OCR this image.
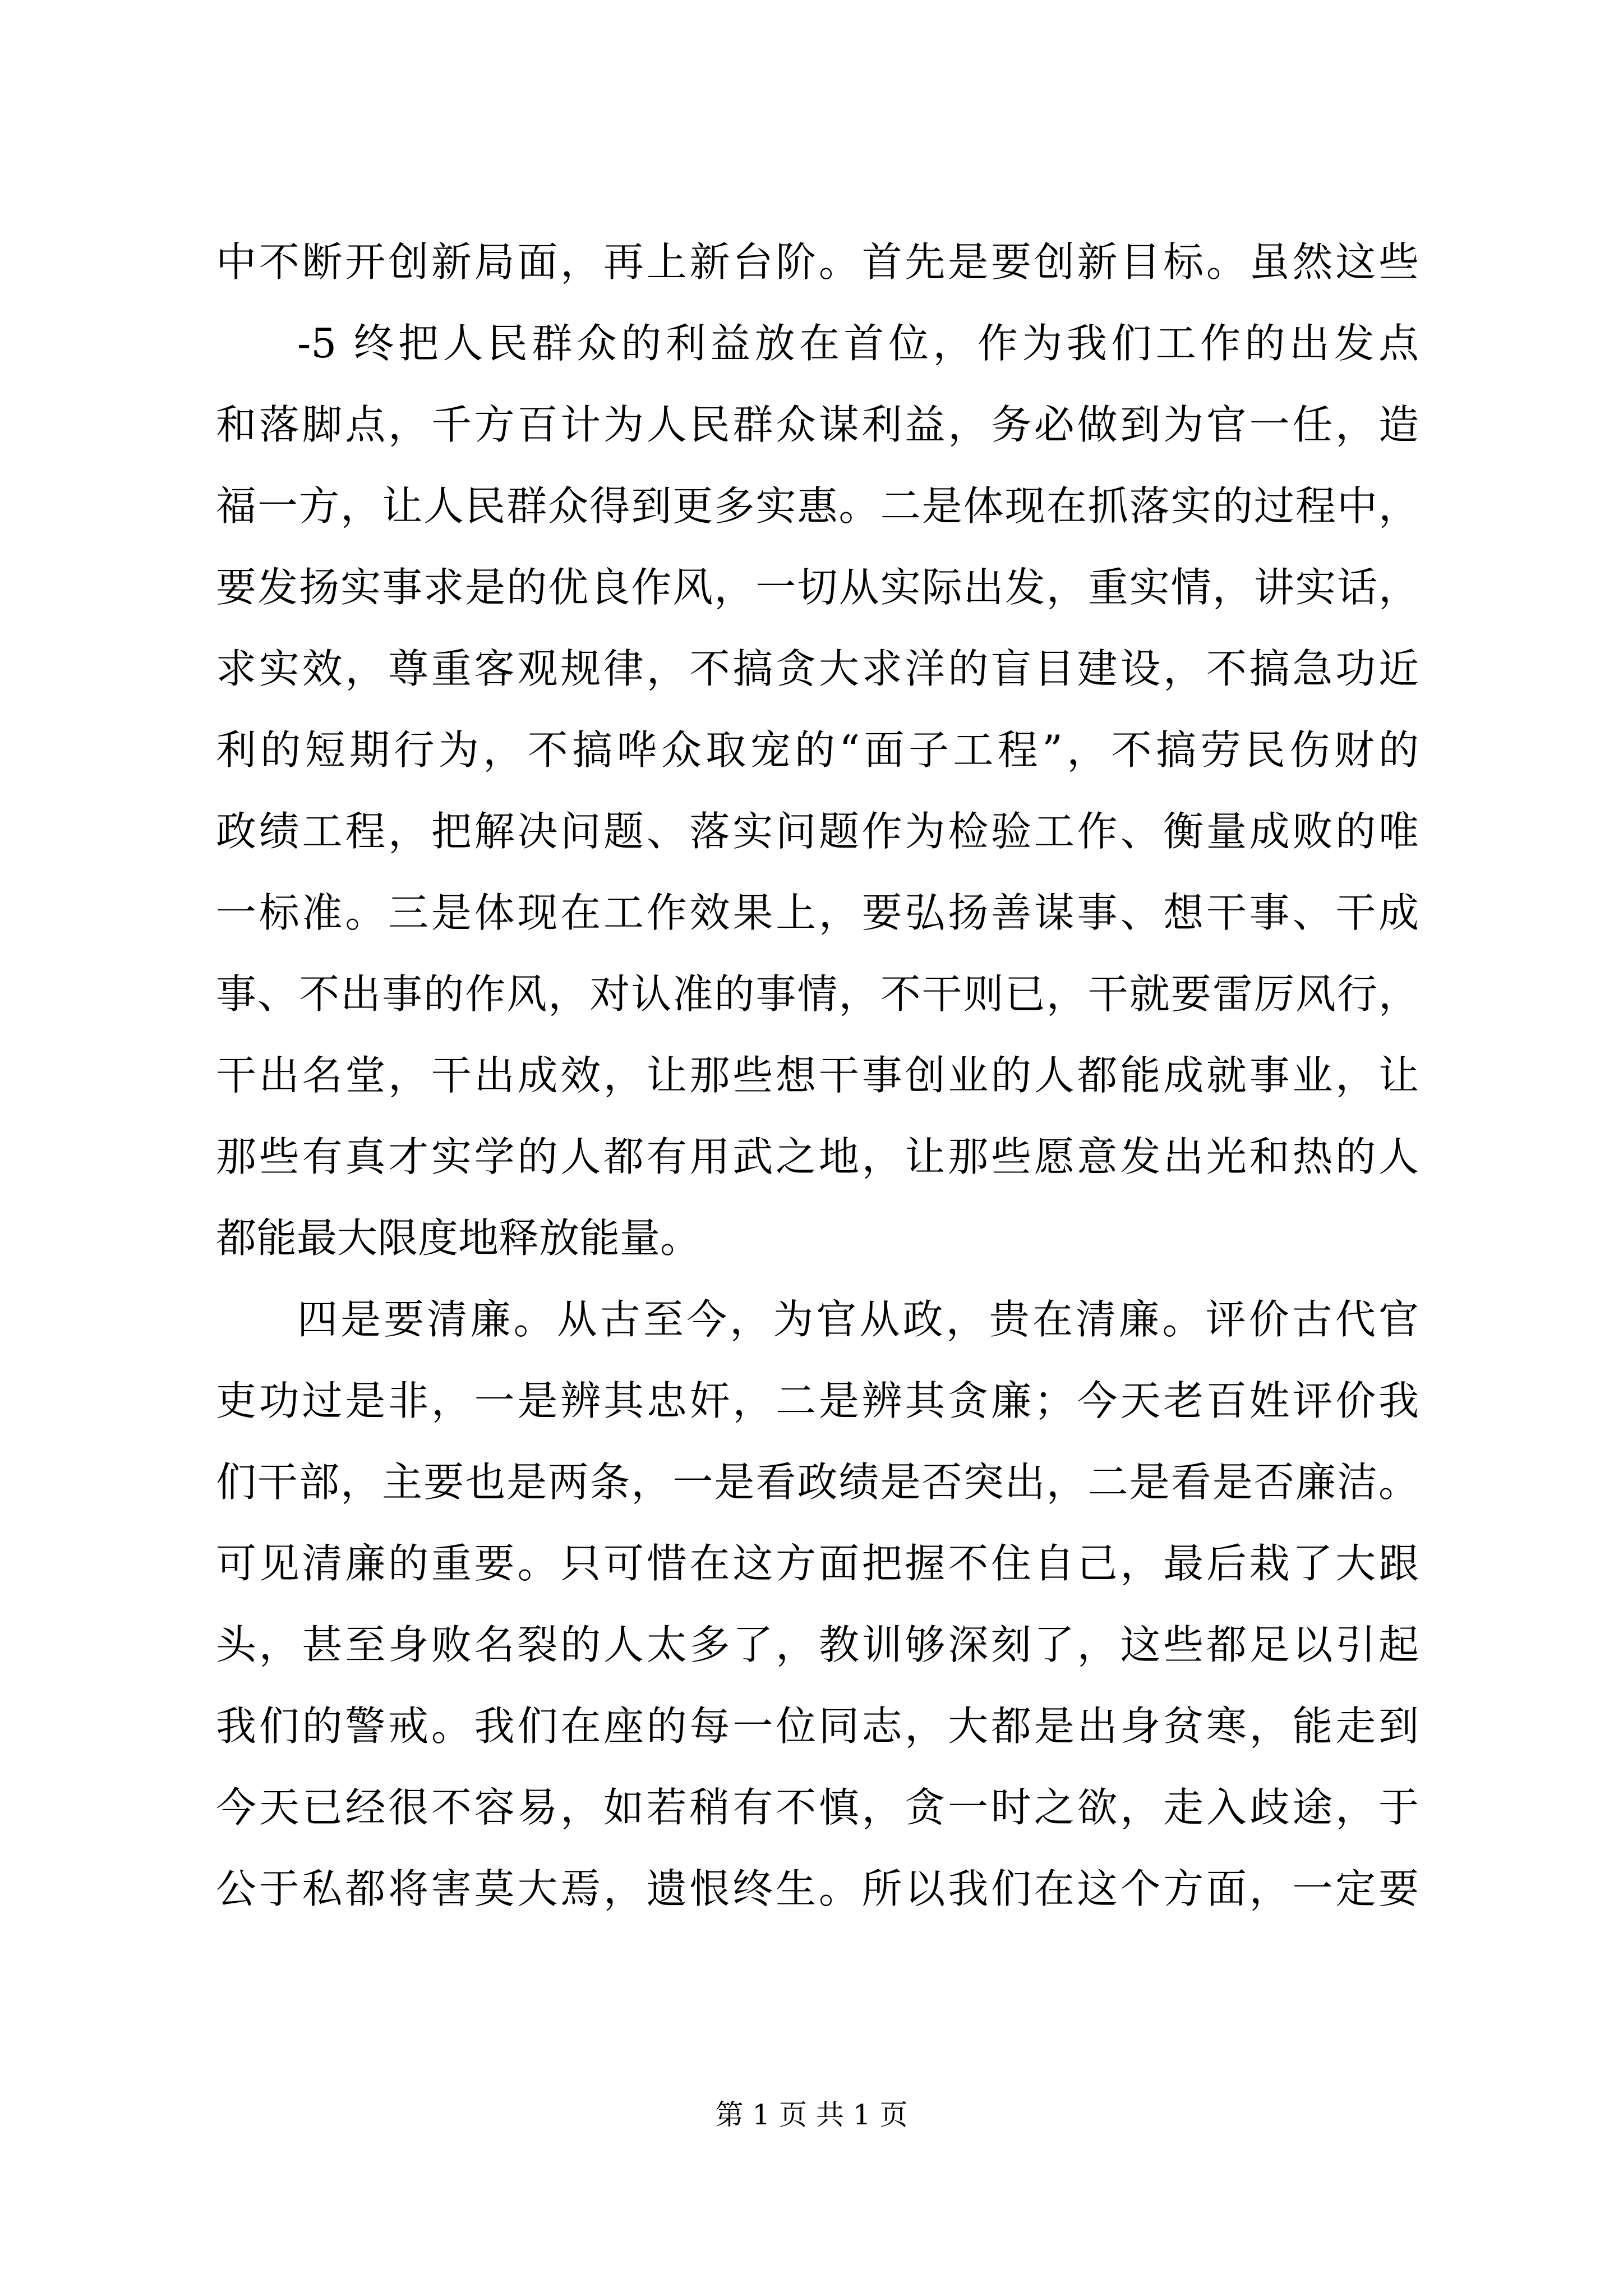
中不断开创新局面，再上新台阶。首先是要创新目标。虽然这些
-5 终把人民群众的利益放在首位，作为我们工作的出发点
和落脚点，千方百计为人民群众谋利益，务必做到为官一任，造
福一方，让人民群众得到更多实惠。二是体现在抓落实的过程中，
要发扬实事求是的优良作风，一切从实际出发，重实情，讲实话，
求实效，尊重客观规律，不搞贪大求洋的盲目建设，不搞急功近
利的短期行为，不搞哗众取宠的“面子工程”，不搞劳民伤财的
政绩工程，把解决问题、落实问题作为检验工作、衡量成败的唯
一标准。三是体现在工作效果上，要弘扬善谋事、想干事、干成
事、不出事的作风，对认准的事情，不干则已，干就要雷厉风行，
干出名堂，干出成效，让那些想干事创业的人都能成就事业，让
那些有真才实学的人都有用武之地，让那些愿意发出光和热的人
都能最大限度地释放能量。
四是要清廉。从古至今，为官从政，贵在清廉。评价古代官
吏功过是非，一是辨其忠奸，二是辨其贪廉；今天老百姓评价我
们干部，主要也是两条，一是看政绩是否突出，二是看是否廉洁。
可见清廉的重要。只可惜在这方面把握不住自己，最后栽了大跟
头，甚至身败名裂的人太多了，教训够深刻了，这些都足以引起
我们的警戒。我们在座的每一位同志，大都是出身贫寒，能走到
今天已经很不容易，如若稍有不慎，贪一时之欲，走入歧途，于
公于私都将害莫大焉，遗恨终生。所以我们在这个方面，一定要
第 1 页 共 1 页
